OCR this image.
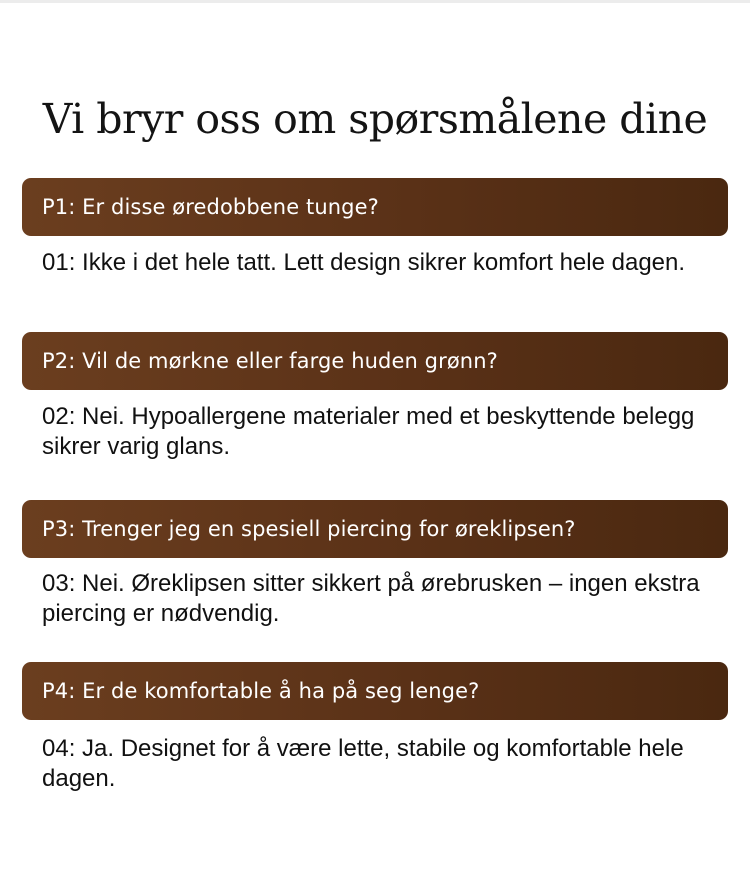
Vi bryr oss om spørsmålene dine
P1: Er disse øredobbene tunge?

01: Ikke i det hele tatt. Lett design sikrer komfort hele dagen.

P2: Vil de mørkne eller farge huden grønn?

02: Nei. Hypoallergene materialer med et beskyttende belegg sikrer varig glans.

P3: Trenger jeg en spesiell piercing for øreklipsen?

03: Nei. Øreklipsen sitter sikkert på ørebrusken – ingen ekstra piercing er nødvendig.

P4: Er de komfortable å ha på seg lenge?

04: Ja. Designet for å være lette, stabile og komfortable hele dagen.
